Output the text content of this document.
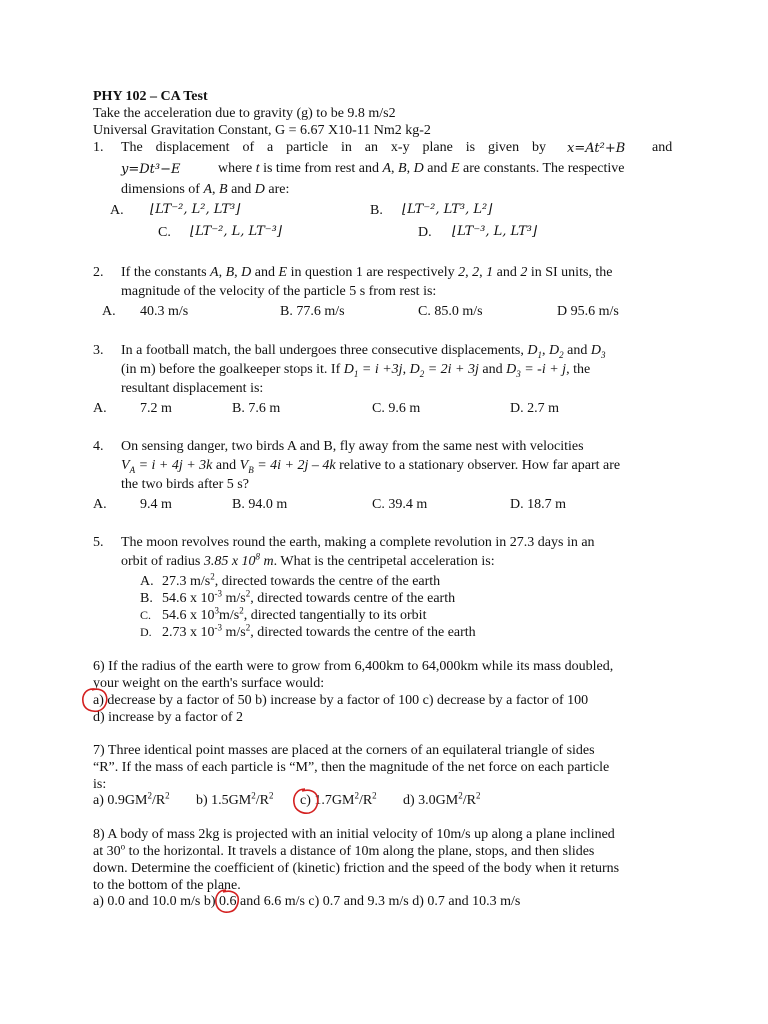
PHY 102 – CA Test
Take the acceleration due to gravity (g) to be 9.8 m/s2
Universal Gravitation Constant, G = 6.67 X10-11 Nm2 kg-2
1. The displacement of a particle in an x-y plane is given by x=At²+B and
y=Dt³−E	where t is time from rest and A, B, D and E are constants. The respective
dimensions of A, B and D are:
A. ⌊LT⁻², L², LT³⌋	B. ⌊LT⁻², LT³, L²⌋
C. ⌊LT⁻², L, LT⁻³⌋	D. ⌊LT⁻³, L, LT³⌋
2. If the constants A, B, D and E in question 1 are respectively 2, 2, 1 and 2 in SI units, the
magnitude of the velocity of the particle 5 s from rest is:
A. 40.3 m/s	B. 77.6 m/s	C. 85.0 m/s	D 95.6 m/s
3. In a football match, the ball undergoes three consecutive displacements, $D_1$, $D_2$ and $D_3$
(in m) before the goalkeeper stops it. If $D_1 = i +3j$, $D_2 = 2i + 3j$ and $D_3 = -i + j$, the
resultant displacement is:
A. 7.2 m	B. 7.6 m	C. 9.6 m	D. 2.7 m
4. On sensing danger, two birds A and B, fly away from the same nest with velocities
$V_A = i + 4j + 3k$ and $V_B = 4i + 2j - 4k$ relative to a stationary observer. How far apart are
the two birds after 5 s?
A. 9.4 m	B. 94.0 m	C. 39.4 m	D. 18.7 m
5. The moon revolves round the earth, making a complete revolution in 27.3 days in an
orbit of radius 3.85 x $10^8$ m. What is the centripetal acceleration is:
A. 27.3 $m/s^2$, directed towards the centre of the earth
B. 54.6 x $10^{-3}$ $m/s^2$, directed towards centre of the earth
C. 54.6 x $10^3m/s^2$, directed tangentially to its orbit
D. 2.73 x $10^{-3}$ $m/s^2$, directed towards the centre of the earth
6) If the radius of the earth were to grow from 6,400km to 64,000km while its mass doubled,
your weight on the earth's surface would:
a) decrease by a factor of 50 b) increase by a factor of 100 c) decrease by a factor of 100
d) increase by a factor of 2
7) Three identical point masses are placed at the corners of an equilateral triangle of sides
“R”. If the mass of each particle is “M”, then the magnitude of the net force on each particle
is:
a) $0.9GM^2/R^2$ b) $1.5GM^2/R^2$ c) $1.7GM^2/R^2$ d) $3.0GM^2/R^2$
8) A body of mass 2kg is projected with an initial velocity of 10m/s up along a plane inclined
at 30$^o$ to the horizontal. It travels a distance of 10m along the plane, stops, and then slides
down. Determine the coefficient of (kinetic) friction and the speed of the body when it returns
to the bottom of the plane.
a) 0.0 and 10.0 m/s b) 0.6 and 6.6 m/s c) 0.7 and 9.3 m/s d) 0.7 and 10.3 m/s
